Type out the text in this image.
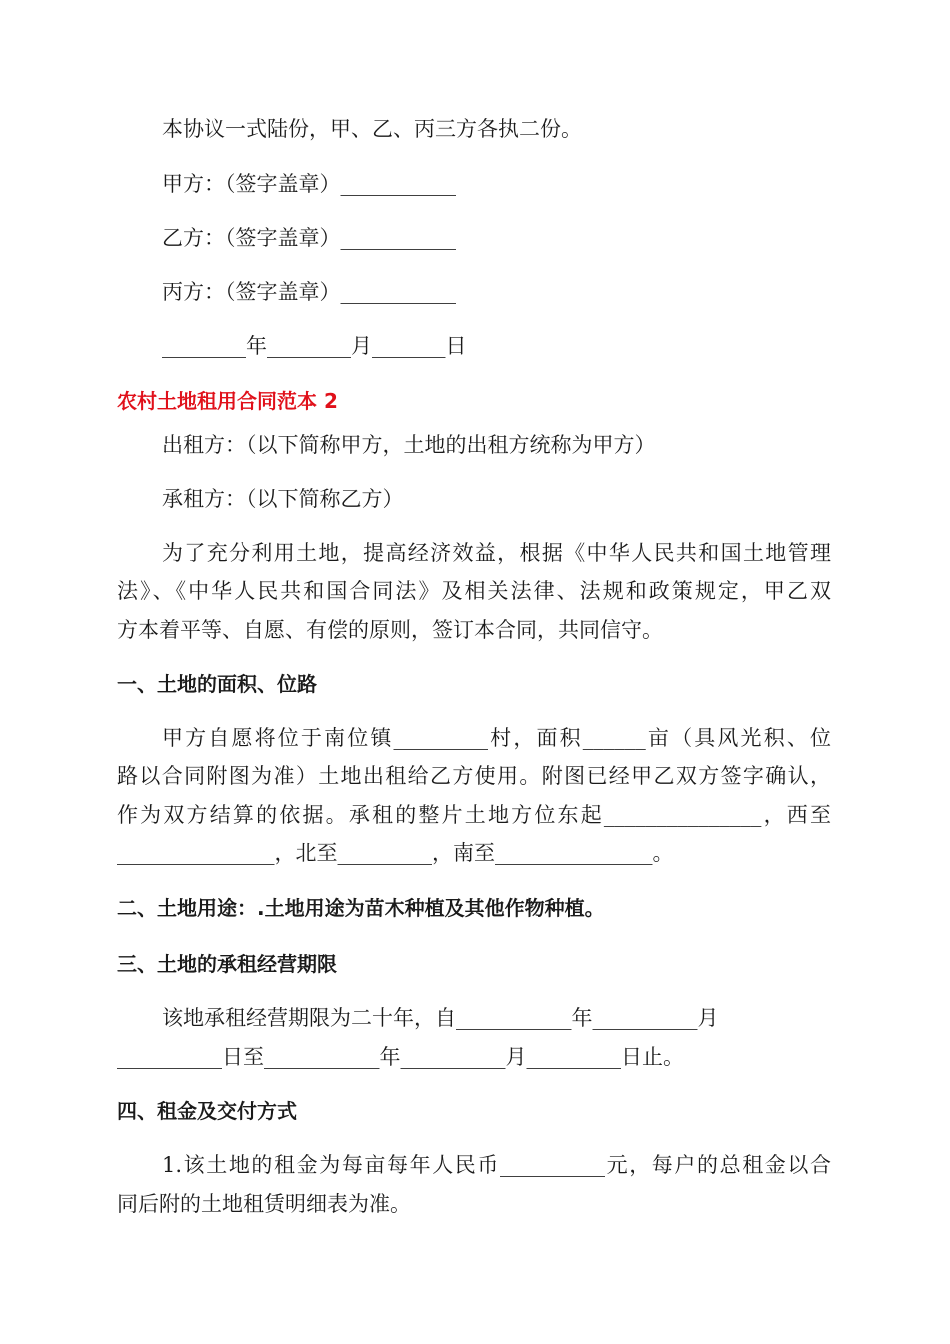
本协议一式陆份，甲、乙、丙三方各执二份。
甲方：（签字盖章）___________
乙方：（签字盖章）___________
丙方：（签字盖章）___________
________年________月_______日
农村土地租用合同范本 2
出租方：（以下简称甲方，土地的出租方统称为甲方）
承租方：（以下简称乙方）
为了充分利用土地，提高经济效益，根据《中华人民共和国土地管理
法》、《中华人民共和国合同法》及相关法律、法规和政策规定，甲乙双
方本着平等、自愿、有偿的原则，签订本合同，共同信守。
一、土地的面积、位路
甲方自愿将位于南位镇_________村，面积______亩（具风光积、位
路以合同附图为准）土地出租给乙方使用。附图已经甲乙双方签字确认，
作为双方结算的依据。承租的整片土地方位东起_______________，西至
_______________，北至_________，南至_______________。
二、土地用途：.土地用途为苗木种植及其他作物种植。
三、土地的承租经营期限
该地承租经营期限为二十年，自___________年__________月
__________日至___________年__________月_________日止。
四、租金及交付方式
1.该土地的租金为每亩每年人民币__________元，每户的总租金以合
同后附的土地租赁明细表为准。
